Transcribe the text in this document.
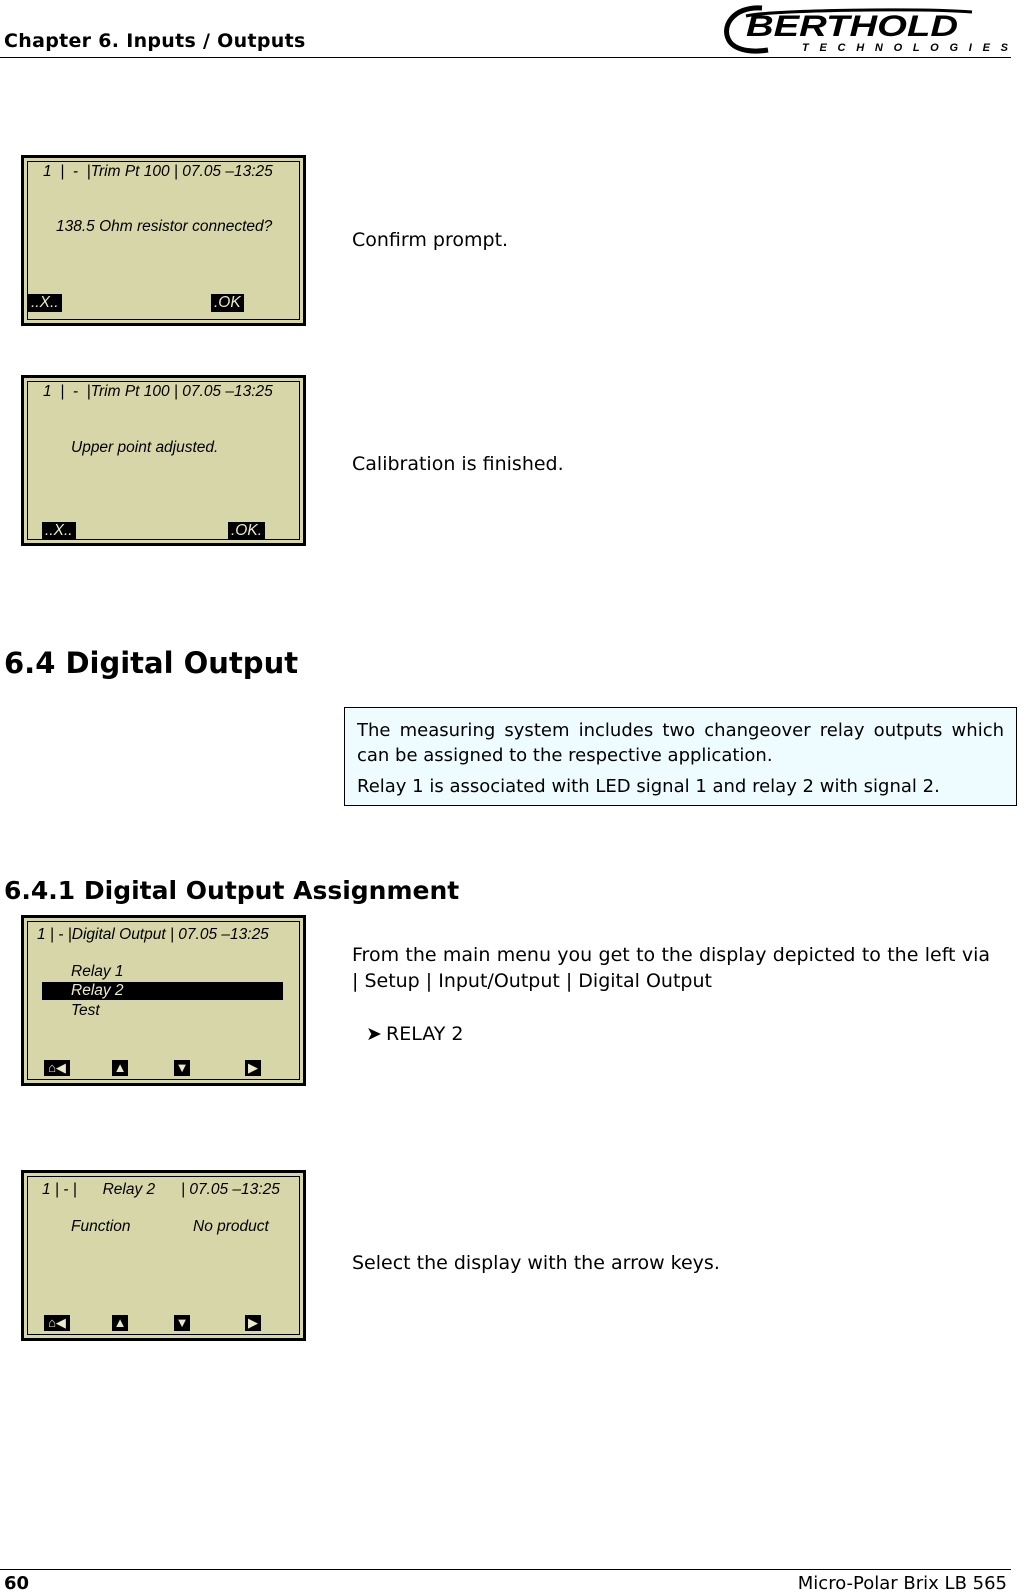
Chapter 6. Inputs / Outputs	BERTHOLD
T E C H N O L O G I E S
1  |  -  |Trim Pt 100 | 07.05 –13:25
138.5 Ohm resistor connected?
..X..	.OK
Confirm prompt.
1  |  -  |Trim Pt 100 | 07.05 –13:25
Upper point adjusted.
..X..	.OK.
Calibration is finished.
6.4 Digital Output

The measuring system includes two changeover relay outputs which can be assigned to the respective application.

Relay 1 is associated with LED signal 1 and relay 2 with signal 2.

6.4.1 Digital Output Assignment
1 | - |Digital Output | 07.05 –13:25
Relay 1
Relay 2
Test
⌂◀	▲	▼	▶
From the main menu you get to the display depicted to the left via | Setup | Input/Output | Digital Output
➤ RELAY 2
1 | - |      Relay 2      | 07.05 –13:25
Function	No product
⌂◀	▲	▼	▶
Select the display with the arrow keys.
60	Micro-Polar Brix LB 565
